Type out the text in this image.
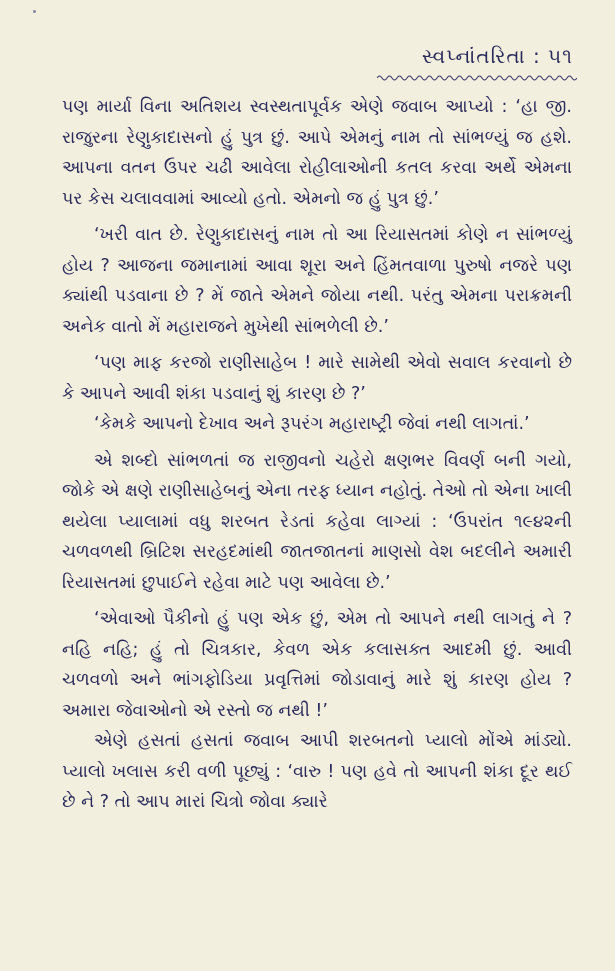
સ્વપ્નાંતરિતા : ૫૧

પણ માર્યા વિના અતિશય સ્વસ્થતાપૂર્વક એણે જવાબ આપ્યો : ‘હા જી. રાજુરના રેણુકાદાસનો હું પુત્ર છું. આપે એમનું નામ તો સાંભળ્યું જ હશે. આપના વતન ઉપર ચઢી આવેલા રોહીલાઓની કતલ કરવા અર્થે એમના પર કેસ ચલાવવામાં આવ્યો હતો. એમનો જ હું પુત્ર છું.’

‘ખરી વાત છે. રેણુકાદાસનું નામ તો આ રિયાસતમાં કોણે ન સાંભળ્યું હોય ? આજના જમાનામાં આવા શૂરા અને હિંમતવાળા પુરુષો નજરે પણ ક્યાંથી પડવાના છે ? મેં જાતે એમને જોયા નથી. પરંતુ એમના પરાક્રમની અનેક વાતો મેં મહારાજને મુખેથી સાંભળેલી છે.’

‘પણ માફ કરજો રાણીસાહેબ ! મારે સામેથી એવો સવાલ કરવાનો છે કે આપને આવી શંકા પડવાનું શું કારણ છે ?’

‘કેમકે આપનો દેખાવ અને રૂપરંગ મહારાષ્ટ્રી જેવાં નથી લાગતાં.’

એ શબ્દો સાંભળતાં જ રાજીવનો ચહેરો ક્ષણભર વિવર્ણ બની ગયો, જોકે એ ક્ષણે રાણીસાહેબનું એના તરફ ધ્યાન નહોતું. તેઓ તો એના ખાલી થયેલા પ્યાલામાં વધુ શરબત રેડતાં કહેવા લાગ્યાં : ‘ઉપરાંત ૧૯૪૨ની ચળવળથી બ્રિટિશ સરહદમાંથી જાતજાતનાં માણસો વેશ બદલીને અમારી રિયાસતમાં છુપાઈને રહેવા માટે પણ આવેલા છે.’

‘એવાઓ પૈકીનો હું પણ એક છું, એમ તો આપને નથી લાગતું ને ? નહિ નહિ; હું તો ચિત્રકાર, કેવળ એક કલાસક્ત આદમી છું. આવી ચળવળો અને ભાંગફોડિયા પ્રવૃત્તિમાં જોડાવાનું મારે શું કારણ હોય ? અમારા જેવાઓનો એ રસ્તો જ નથી !’

એણે હસતાં હસતાં જવાબ આપી શરબતનો પ્યાલો મોંએ માંડ્યો. પ્યાલો ખલાસ કરી વળી પૂછ્યું : ‘વારુ ! પણ હવે તો આપની શંકા દૂર થઈ છે ને ? તો આપ મારાં ચિત્રો જોવા ક્યારે
